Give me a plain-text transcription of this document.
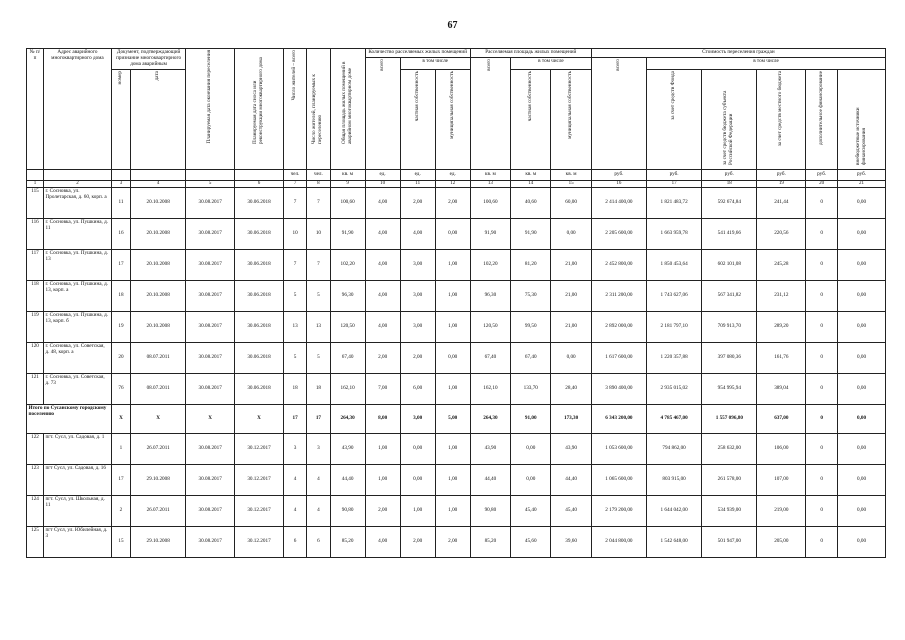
67
№ п/п	Адрес аварийного многоквартирного дома	Документ, подтверждающий признание многоквартирного дома аварийным		Планируемая дата окончания переселения	Планируемая дата сноса или реконструкции многоквартирного дома	Число жителей – всего	Число жителей, планируемых к переселению	Общая площадь жилых помещений в аварийном многоквартирном доме	Количество расселяемых жилых помещений			Расселяемая площадь жилых помещений			Стоимость переселения граждан					
									всего	в том числе		всего	в том числе		всего	в том числе				
		номер	дата							частная собственность	муниципальная собственность		частная собственность	муниципальная собственность		за счет средств Фонда	за счет средств бюджета субъекта Российской Федерации	за счет средств местного бюджета	дополнительное финансирование	внебюджетные источники финансирования
						чел.	чел.	кв. м	ед.	ед.	ед.	кв. м	кв. м	кв. м	руб.	руб.	руб.	руб.	руб.	руб.
1	2	3	4	5	6	7	8	9	10	11	12	13	14	15	16	17	18	19	20	21
115	г. Сосновка, ул. Пролетарская, д. 60, корп. а	11	20.10.2008	30.08.2017	30.06.2018	7	7	100,60	4,00	2,00	2,00	100,60	40,60	60,00	2 414 400,00	1 821 483,72	592 674,84	241,44	0	0,00
116	г. Сосновка, ул. Пушкина, д. 11	16	20.10.2008	30.08.2017	30.06.2018	10	10	91,90	4,00	4,00	0,00	91,90	91,90	0,00	2 205 600,00	1 663 959,78	541 419,66	220,56	0	0,00
117	г. Сосновка, ул. Пушкина, д. 13	17	20.10.2008	30.08.2017	30.06.2018	7	7	102,20	4,00	3,00	1,00	102,20	81,20	21,00	2 452 800,00	1 850 453,64	602 101,08	245,28	0	0,00
118	г. Сосновка, ул. Пушкина, д. 13, корп. а	18	20.10.2008	30.08.2017	30.06.2018	5	5	96,30	4,00	3,00	1,00	96,30	75,30	21,00	2 311 200,00	1 743 627,06	567 341,82	231,12	0	0,00
119	г. Сосновка, ул. Пушкина, д. 13, корп. б	19	20.10.2008	30.08.2017	30.06.2018	13	13	120,50	4,00	3,00	1,00	120,50	99,50	21,00	2 892 000,00	2 181 797,10	709 913,70	289,20	0	0,00
120	г. Сосновка, ул. Советская, д. 48, корп. а	20	08.07.2011	30.08.2017	30.06.2018	5	5	67,40	2,00	2,00	0,00	67,40	67,40	0,00	1 617 600,00	1 220 357,88	397 080,36	161,76	0	0,00
121	г. Сосновка, ул. Советская, д. 73	76	08.07.2011	30.08.2017	30.06.2018	18	18	162,10	7,00	6,00	1,00	162,10	133,70	28,40	3 890 400,00	2 935 015,02	954 995,94	389,04	0	0,00
Итого по Сусанскому городскому поселению		X	X	X	X	17	17	264,30	8,00	3,00	5,00	264,30	91,00	173,30	6 343 200,00	4 785 467,00	1 557 096,80	637,00	0	0,00
122	пгт. Сусл, ул. Садовая, д. 1	1	26.07.2011	30.08.2017	30.12.2017	3	3	43,90	1,00	0,00	1,00	43,90	0,00	43,90	1 053 600,00	794 862,00	258 632,00	106,00	0	0,00
123	пгт Сусл, ул. Садовая, д. 16	17	29.10.2008	30.08.2017	30.12.2017	4	4	44,40	1,00	0,00	1,00	44,40	0,00	44,40	1 065 600,00	803 915,00	261 578,00	107,00	0	0,00
124	пгт. Сусл, ул. Школьная, д. 11	2	26.07.2011	30.08.2017	30.12.2017	4	4	90,80	2,00	1,00	1,00	90,80	45,40	45,40	2 179 200,00	1 644 042,00	534 939,00	219,00	0	0,00
125	пгт Сусл, ул. Юбилейная, д. 3	15	29.10.2008	30.08.2017	30.12.2017	6	6	85,20	4,00	2,00	2,00	85,20	45,60	39,60	2 044 800,00	1 542 648,00	501 947,00	205,00	0	0,00
